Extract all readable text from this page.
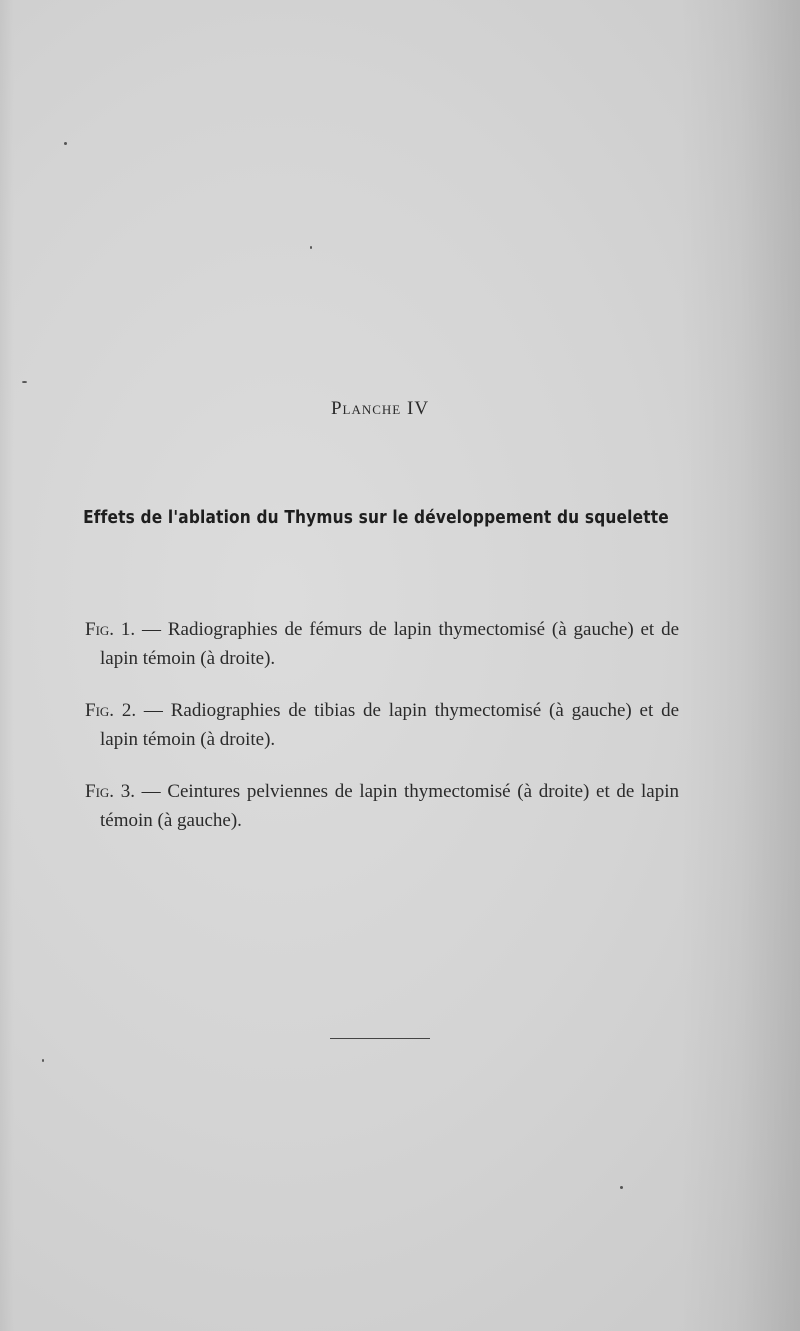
Planche IV
Effets de l'ablation du Thymus sur le développement du squelette

Fig. 1. — Radiographies de fémurs de lapin thymectomisé (à gauche) et de lapin témoin (à droite).

Fig. 2. — Radiographies de tibias de lapin thymectomisé (à gauche) et de lapin témoin (à droite).

Fig. 3. — Ceintures pelviennes de lapin thymectomisé (à droite) et de lapin témoin (à gauche).
